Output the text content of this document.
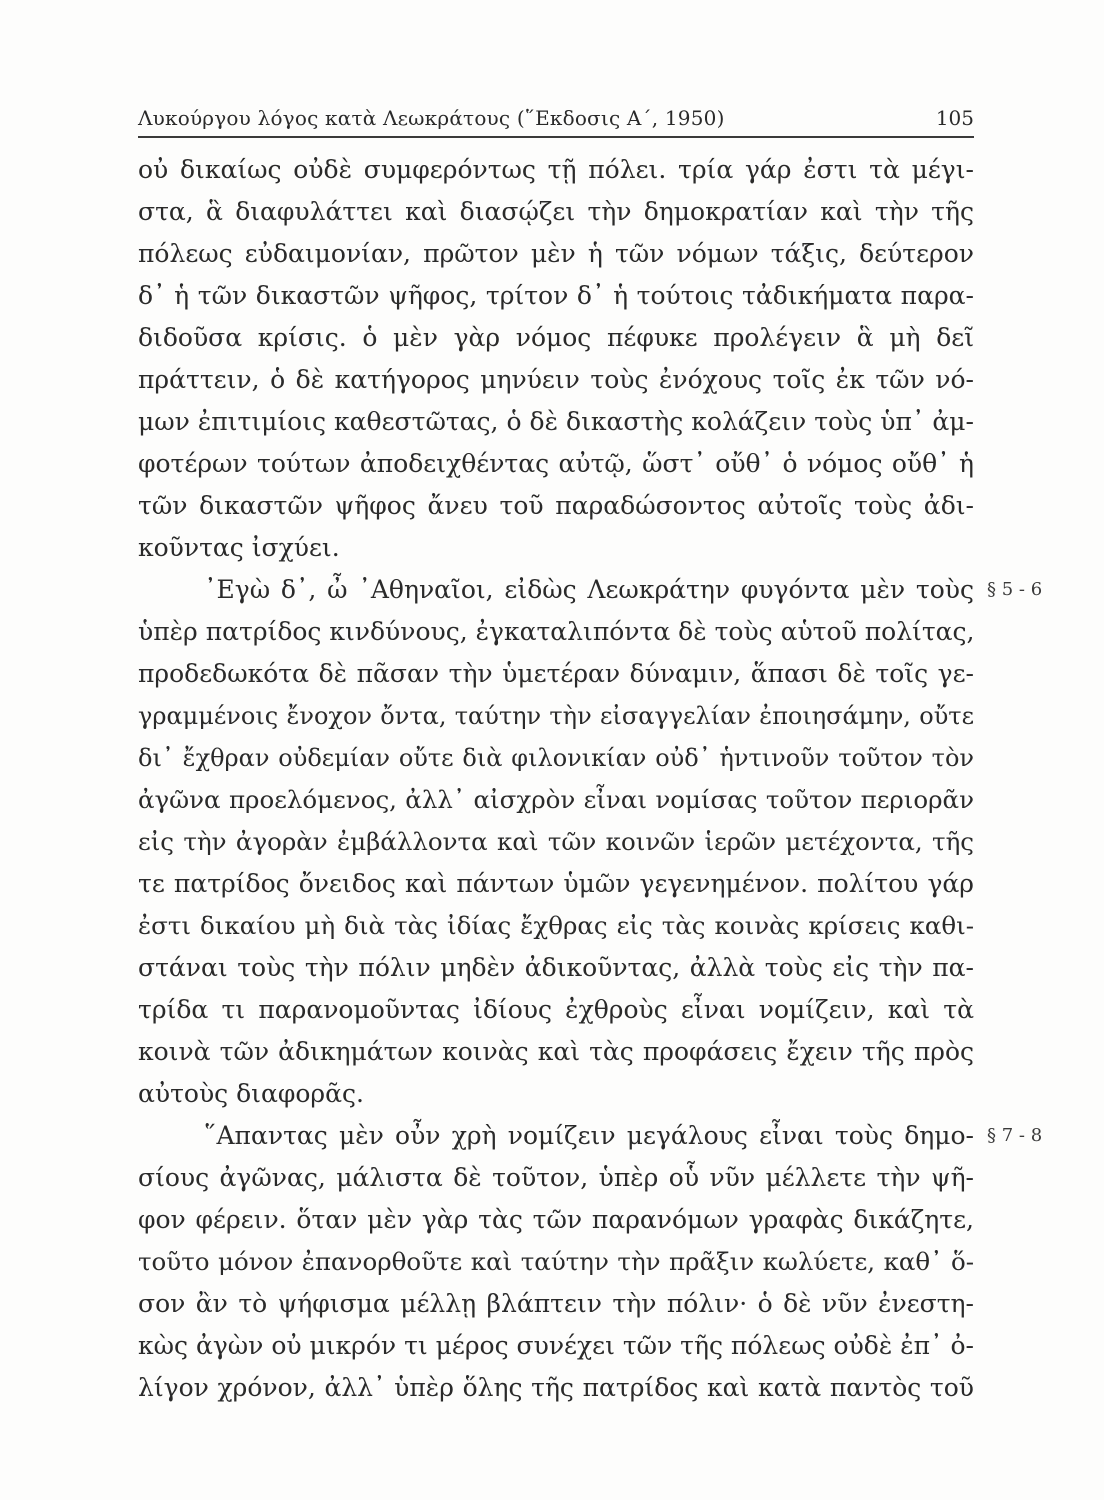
Λυκούργου λόγος κατὰ Λεωκράτους (῞Εκδοσις Α΄, 1950)	105
οὐ δικαίως οὐδὲ συμφερόντως τῇ πόλει. τρία γάρ ἐστι τὰ μέγι-
στα, ἃ διαφυλάττει καὶ διασῴζει τὴν δημοκρατίαν καὶ τὴν τῆς
πόλεως εὐδαιμονίαν, πρῶτον μὲν ἡ τῶν νόμων τάξις, δεύτερον
δ᾿ ἡ τῶν δικαστῶν ψῆφος, τρίτον δ᾿ ἡ τούτοις τἀδικήματα παρα-
διδοῦσα κρίσις. ὁ μὲν γὰρ νόμος πέφυκε προλέγειν ἃ μὴ δεῖ
πράττειν, ὁ δὲ κατήγορος μηνύειν τοὺς ἐνόχους τοῖς ἐκ τῶν νό-
μων ἐπιτιμίοις καθεστῶτας, ὁ δὲ δικαστὴς κολάζειν τοὺς ὑπ᾿ ἀμ-
φοτέρων τούτων ἀποδειχθέντας αὐτῷ, ὥστ᾿ οὔθ᾿ ὁ νόμος οὔθ᾿ ἡ
τῶν δικαστῶν ψῆφος ἄνευ τοῦ παραδώσοντος αὐτοῖς τοὺς ἀδι-
κοῦντας ἰσχύει.
᾿Εγὼ δ᾿, ὦ ᾿Αθηναῖοι, εἰδὼς Λεωκράτην φυγόντα μὲν τοὺς § 5 - 6
ὑπὲρ πατρίδος κινδύνους, ἐγκαταλιπόντα δὲ τοὺς αὑτοῦ πολίτας,
προδεδωκότα δὲ πᾶσαν τὴν ὑμετέραν δύναμιν, ἅπασι δὲ τοῖς γε-
γραμμένοις ἔνοχον ὄντα, ταύτην τὴν εἰσαγγελίαν ἐποιησάμην, οὔτε
δι᾿ ἔχθραν οὐδεμίαν οὔτε διὰ φιλονικίαν οὐδ᾿ ἡντινοῦν τοῦτον τὸν
ἀγῶνα προελόμενος, ἀλλ᾿ αἰσχρὸν εἶναι νομίσας τοῦτον περιορᾶν
εἰς τὴν ἀγορὰν ἐμβάλλοντα καὶ τῶν κοινῶν ἱερῶν μετέχοντα, τῆς
τε πατρίδος ὄνειδος καὶ πάντων ὑμῶν γεγενημένον. πολίτου γάρ
ἐστι δικαίου μὴ διὰ τὰς ἰδίας ἔχθρας εἰς τὰς κοινὰς κρίσεις καθι-
στάναι τοὺς τὴν πόλιν μηδὲν ἀδικοῦντας, ἀλλὰ τοὺς εἰς τὴν πα-
τρίδα τι παρανομοῦντας ἰδίους ἐχθροὺς εἶναι νομίζειν, καὶ τὰ
κοινὰ τῶν ἀδικημάτων κοινὰς καὶ τὰς προφάσεις ἔχειν τῆς πρὸς
αὐτοὺς διαφορᾶς.
῞Απαντας μὲν οὖν χρὴ νομίζειν μεγάλους εἶναι τοὺς δημο- § 7 - 8
σίους ἀγῶνας, μάλιστα δὲ τοῦτον, ὑπὲρ οὗ νῦν μέλλετε τὴν ψῆ-
φον φέρειν. ὅταν μὲν γὰρ τὰς τῶν παρανόμων γραφὰς δικάζητε,
τοῦτο μόνον ἐπανορθοῦτε καὶ ταύτην τὴν πρᾶξιν κωλύετε, καθ᾿ ὅ-
σον ἂν τὸ ψήφισμα μέλλῃ βλάπτειν τὴν πόλιν· ὁ δὲ νῦν ἐνεστη-
κὼς ἀγὼν οὐ μικρόν τι μέρος συνέχει τῶν τῆς πόλεως οὐδὲ ἐπ᾿ ὀ-
λίγον χρόνον, ἀλλ᾿ ὑπὲρ ὅλης τῆς πατρίδος καὶ κατὰ παντὸς τοῦ
